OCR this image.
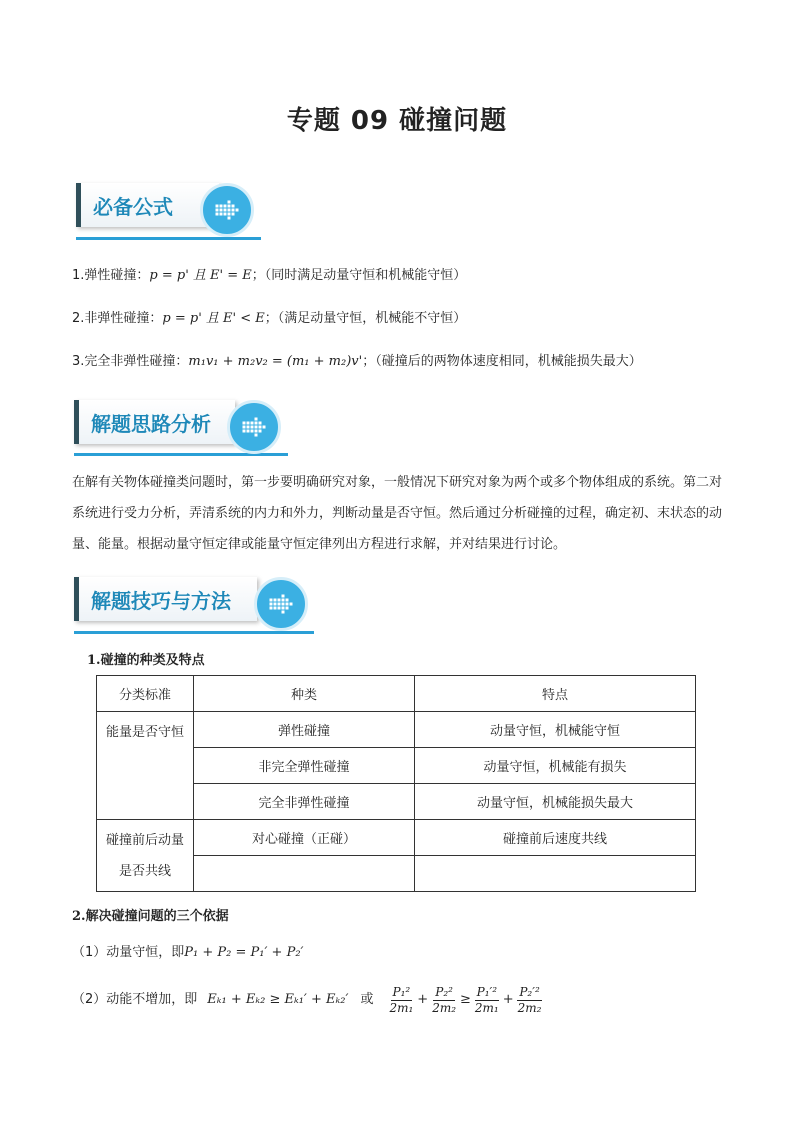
专题 09 碰撞问题
必备公式
1.弹性碰撞：p = p' 且 E' = E；（同时满足动量守恒和机械能守恒）
2.非弹性碰撞：p = p' 且 E' < E；（满足动量守恒，机械能不守恒）
3.完全非弹性碰撞：m₁v₁ + m₂v₂ = (m₁ + m₂)v'；（碰撞后的两物体速度相同，机械能损失最大）
解题思路分析
在解有关物体碰撞类问题时，第一步要明确研究对象，一般情况下研究对象为两个或多个物体组成的系统。第二对系统进行受力分析，弄清系统的内力和外力，判断动量是否守恒。然后通过分析碰撞的过程，确定初、末状态的动量、能量。根据动量守恒定律或能量守恒定律列出方程进行求解，并对结果进行讨论。
解题技巧与方法
1.碰撞的种类及特点
分类标准	种类	特点
能量是否守恒	弹性碰撞	动量守恒，机械能守恒
	非完全弹性碰撞	动量守恒，机械能有损失
	完全非弹性碰撞	动量守恒，机械能损失最大
碰撞前后动量是否共线	对心碰撞（正碰）	碰撞前后速度共线

2.解决碰撞问题的三个依据
（1）动量守恒，即P₁ + P₂ = P₁′ + P₂′
（2）动能不增加，即 Eₖ₁ + Eₖ₂ ≥ Eₖ₁′ + Eₖ₂′ 或 $\frac{\text{P₁²}}{\text{2m₁}} + \frac{\text{P₂²}}{\text{2m₂}} \ge \frac{\text{P₁′²}}{\text{2m₁}} + \frac{\text{P₂′²}}{\text{2m₂}}$
